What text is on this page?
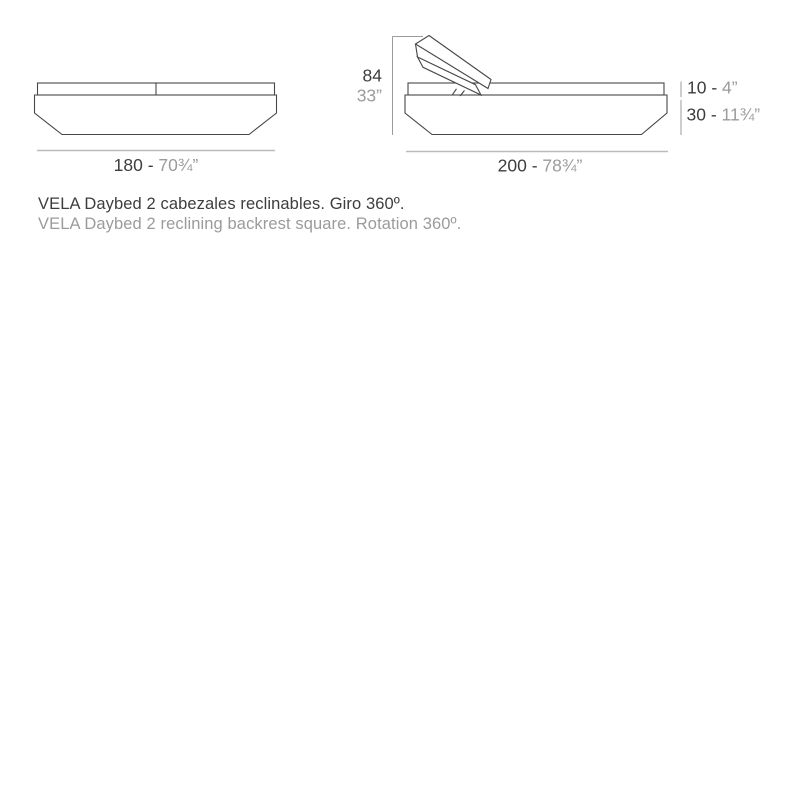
180 - 70¾”
84
33”	10 - 4”
30 - 11¾”
200 - 78¾”
VELA Daybed 2 cabezales reclinables. Giro 360º.
VELA Daybed 2 reclining backrest square. Rotation 360º.
